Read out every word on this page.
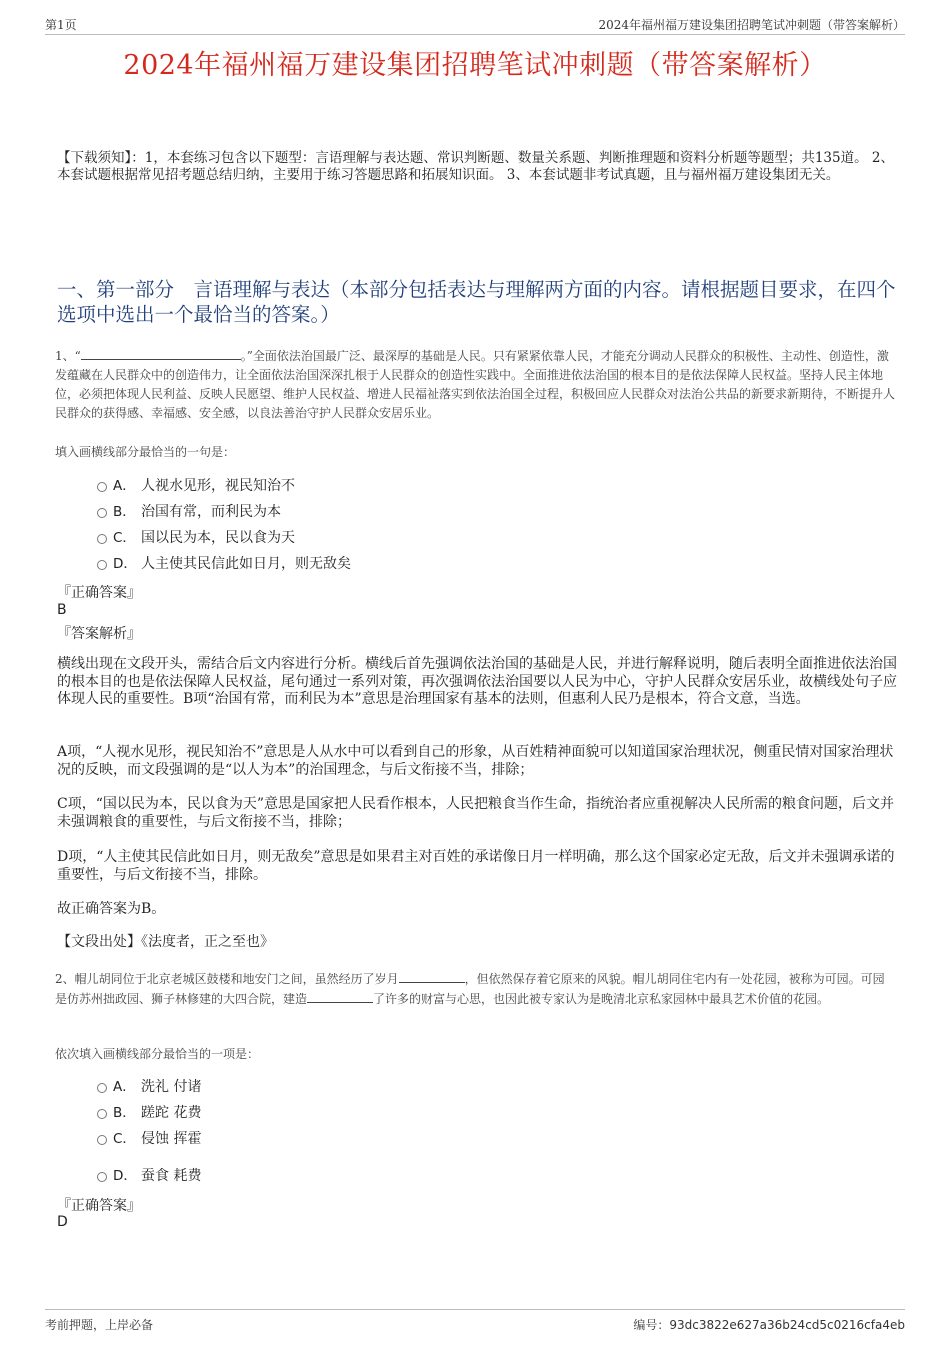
第1页	2024年福州福万建设集团招聘笔试冲刺题（带答案解析）
2024年福州福万建设集团招聘笔试冲刺题（带答案解析）
【下载须知】：1，本套练习包含以下题型：言语理解与表达题、常识判断题、数量关系题、判断推理题和资料分析题等题型；共135道。 2、本套试题根据常见招考题总结归纳，主要用于练习答题思路和拓展知识面。 3、本套试题非考试真题，且与福州福万建设集团无关。
一、第一部分　言语理解与表达（本部分包括表达与理解两方面的内容。请根据题目要求，在四个选项中选出一个最恰当的答案。）
1、“	。”全面依法治国最广泛、最深厚的基础是人民。只有紧紧依靠人民，才能充分调动人民群众的积极性、主动性、创造性，激发蕴藏在人民群众中的创造伟力，让全面依法治国深深扎根于人民群众的创造性实践中。全面推进依法治国的根本目的是依法保障人民权益。坚持人民主体地位，必须把体现人民利益、反映人民愿望、维护人民权益、增进人民福祉落实到依法治国全过程，积极回应人民群众对法治公共品的新要求新期待，不断提升人民群众的获得感、幸福感、安全感，以良法善治守护人民群众安居乐业。
填入画横线部分最恰当的一句是：
A． 人视水见形，视民知治不
B． 治国有常，而利民为本
C． 国以民为本，民以食为天
D． 人主使其民信此如日月，则无敌矣
『正确答案』
B
『答案解析』
横线出现在文段开头，需结合后文内容进行分析。横线后首先强调依法治国的基础是人民，并进行解释说明，随后表明全面推进依法治国的根本目的也是依法保障人民权益，尾句通过一系列对策，再次强调依法治国要以人民为中心，守护人民群众安居乐业，故横线处句子应体现人民的重要性。B项“治国有常，而利民为本”意思是治理国家有基本的法则，但惠利人民乃是根本，符合文意，当选。
A项，“人视水见形，视民知治不”意思是人从水中可以看到自己的形象，从百姓精神面貌可以知道国家治理状况，侧重民情对国家治理状况的反映，而文段强调的是“以人为本”的治国理念，与后文衔接不当，排除；
C项，“国以民为本，民以食为天”意思是国家把人民看作根本，人民把粮食当作生命，指统治者应重视解决人民所需的粮食问题，后文并未强调粮食的重要性，与后文衔接不当，排除；
D项，“人主使其民信此如日月，则无敌矣”意思是如果君主对百姓的承诺像日月一样明确，那么这个国家必定无敌，后文并未强调承诺的重要性，与后文衔接不当，排除。
故正确答案为B。
【文段出处】《法度者，正之至也》
2、帽儿胡同位于北京老城区鼓楼和地安门之间，虽然经历了岁月	，但依然保存着它原来的风貌。帽儿胡同住宅内有一处花园，被称为可园。可园是仿苏州拙政园、狮子林修建的大四合院，建造	了许多的财富与心思，也因此被专家认为是晚清北京私家园林中最具艺术价值的花园。
依次填入画横线部分最恰当的一项是：
A． 洗礼 付诸
B． 蹉跎 花费
C． 侵蚀 挥霍
D． 蚕食 耗费
『正确答案』
D
考前押题，上岸必备	编号：93dc3822e627a36b24cd5c0216cfa4eb
